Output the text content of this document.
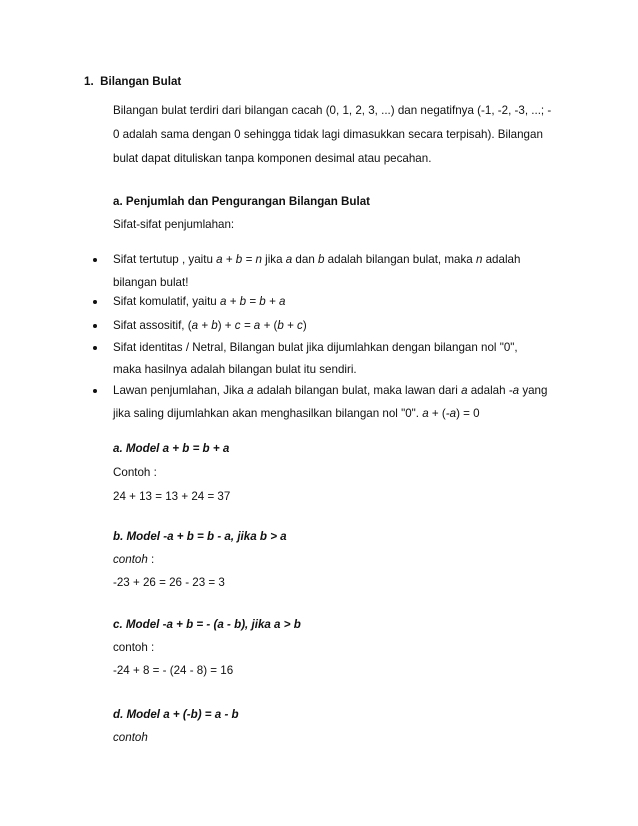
1. Bilangan Bulat
Bilangan bulat terdiri dari bilangan cacah (0, 1, 2, 3, ...) dan negatifnya (-1, -2, -3, ...; -
0 adalah sama dengan 0 sehingga tidak lagi dimasukkan secara terpisah). Bilangan
bulat dapat dituliskan tanpa komponen desimal atau pecahan.
a. Penjumlah dan Pengurangan Bilangan Bulat
Sifat-sifat penjumlahan:
Sifat tertutup , yaitu a + b = n jika a dan b adalah bilangan bulat, maka n adalah
bilangan bulat!
Sifat komulatif, yaitu a + b = b + a
Sifat assositif, (a + b) + c = a + (b + c)
Sifat identitas / Netral, Bilangan bulat jika dijumlahkan dengan bilangan nol "0",
maka hasilnya adalah bilangan bulat itu sendiri.
Lawan penjumlahan, Jika a adalah bilangan bulat, maka lawan dari a adalah -a yang
jika saling dijumlahkan akan menghasilkan bilangan nol "0". a + (-a) = 0
a. Model a + b = b + a
Contoh :
24 + 13 = 13 + 24 = 37
b. Model -a + b = b - a, jika b > a
contoh :
-23 + 26 = 26 - 23 = 3
c. Model -a + b = - (a - b), jika a > b
contoh :
-24 + 8 = - (24 - 8) = 16
d. Model a + (-b) = a - b
contoh
